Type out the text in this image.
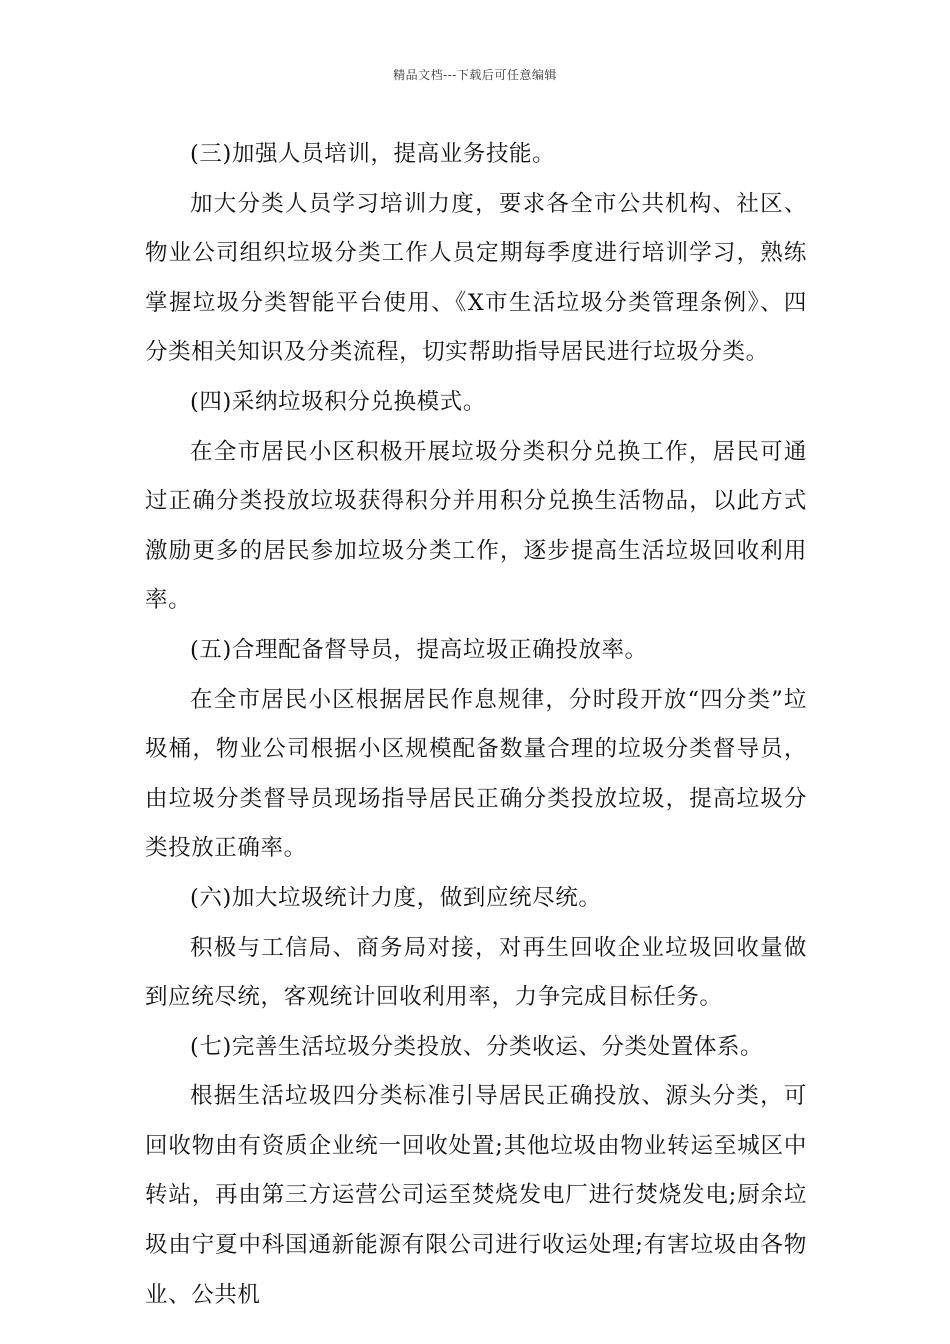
精品文档---下载后可任意编辑

(三)加强人员培训，提高业务技能。

加大分类人员学习培训力度，要求各全市公共机构、社区、物业公司组织垃圾分类工作人员定期每季度进行培训学习，熟练掌握垃圾分类智能平台使用、《X市生活垃圾分类管理条例》、四分类相关知识及分类流程，切实帮助指导居民进行垃圾分类。

(四)采纳垃圾积分兑换模式。

在全市居民小区积极开展垃圾分类积分兑换工作，居民可通过正确分类投放垃圾获得积分并用积分兑换生活物品，以此方式激励更多的居民参加垃圾分类工作，逐步提高生活垃圾回收利用率。

(五)合理配备督导员，提高垃圾正确投放率。

在全市居民小区根据居民作息规律，分时段开放“四分类”垃圾桶，物业公司根据小区规模配备数量合理的垃圾分类督导员，由垃圾分类督导员现场指导居民正确分类投放垃圾，提高垃圾分类投放正确率。

(六)加大垃圾统计力度，做到应统尽统。

积极与工信局、商务局对接，对再生回收企业垃圾回收量做到应统尽统，客观统计回收利用率，力争完成目标任务。

(七)完善生活垃圾分类投放、分类收运、分类处置体系。

根据生活垃圾四分类标准引导居民正确投放、源头分类，可回收物由有资质企业统一回收处置;其他垃圾由物业转运至城区中转站，再由第三方运营公司运至焚烧发电厂进行焚烧发电;厨余垃圾由宁夏中科国通新能源有限公司进行收运处理;有害垃圾由各物业、公共机
